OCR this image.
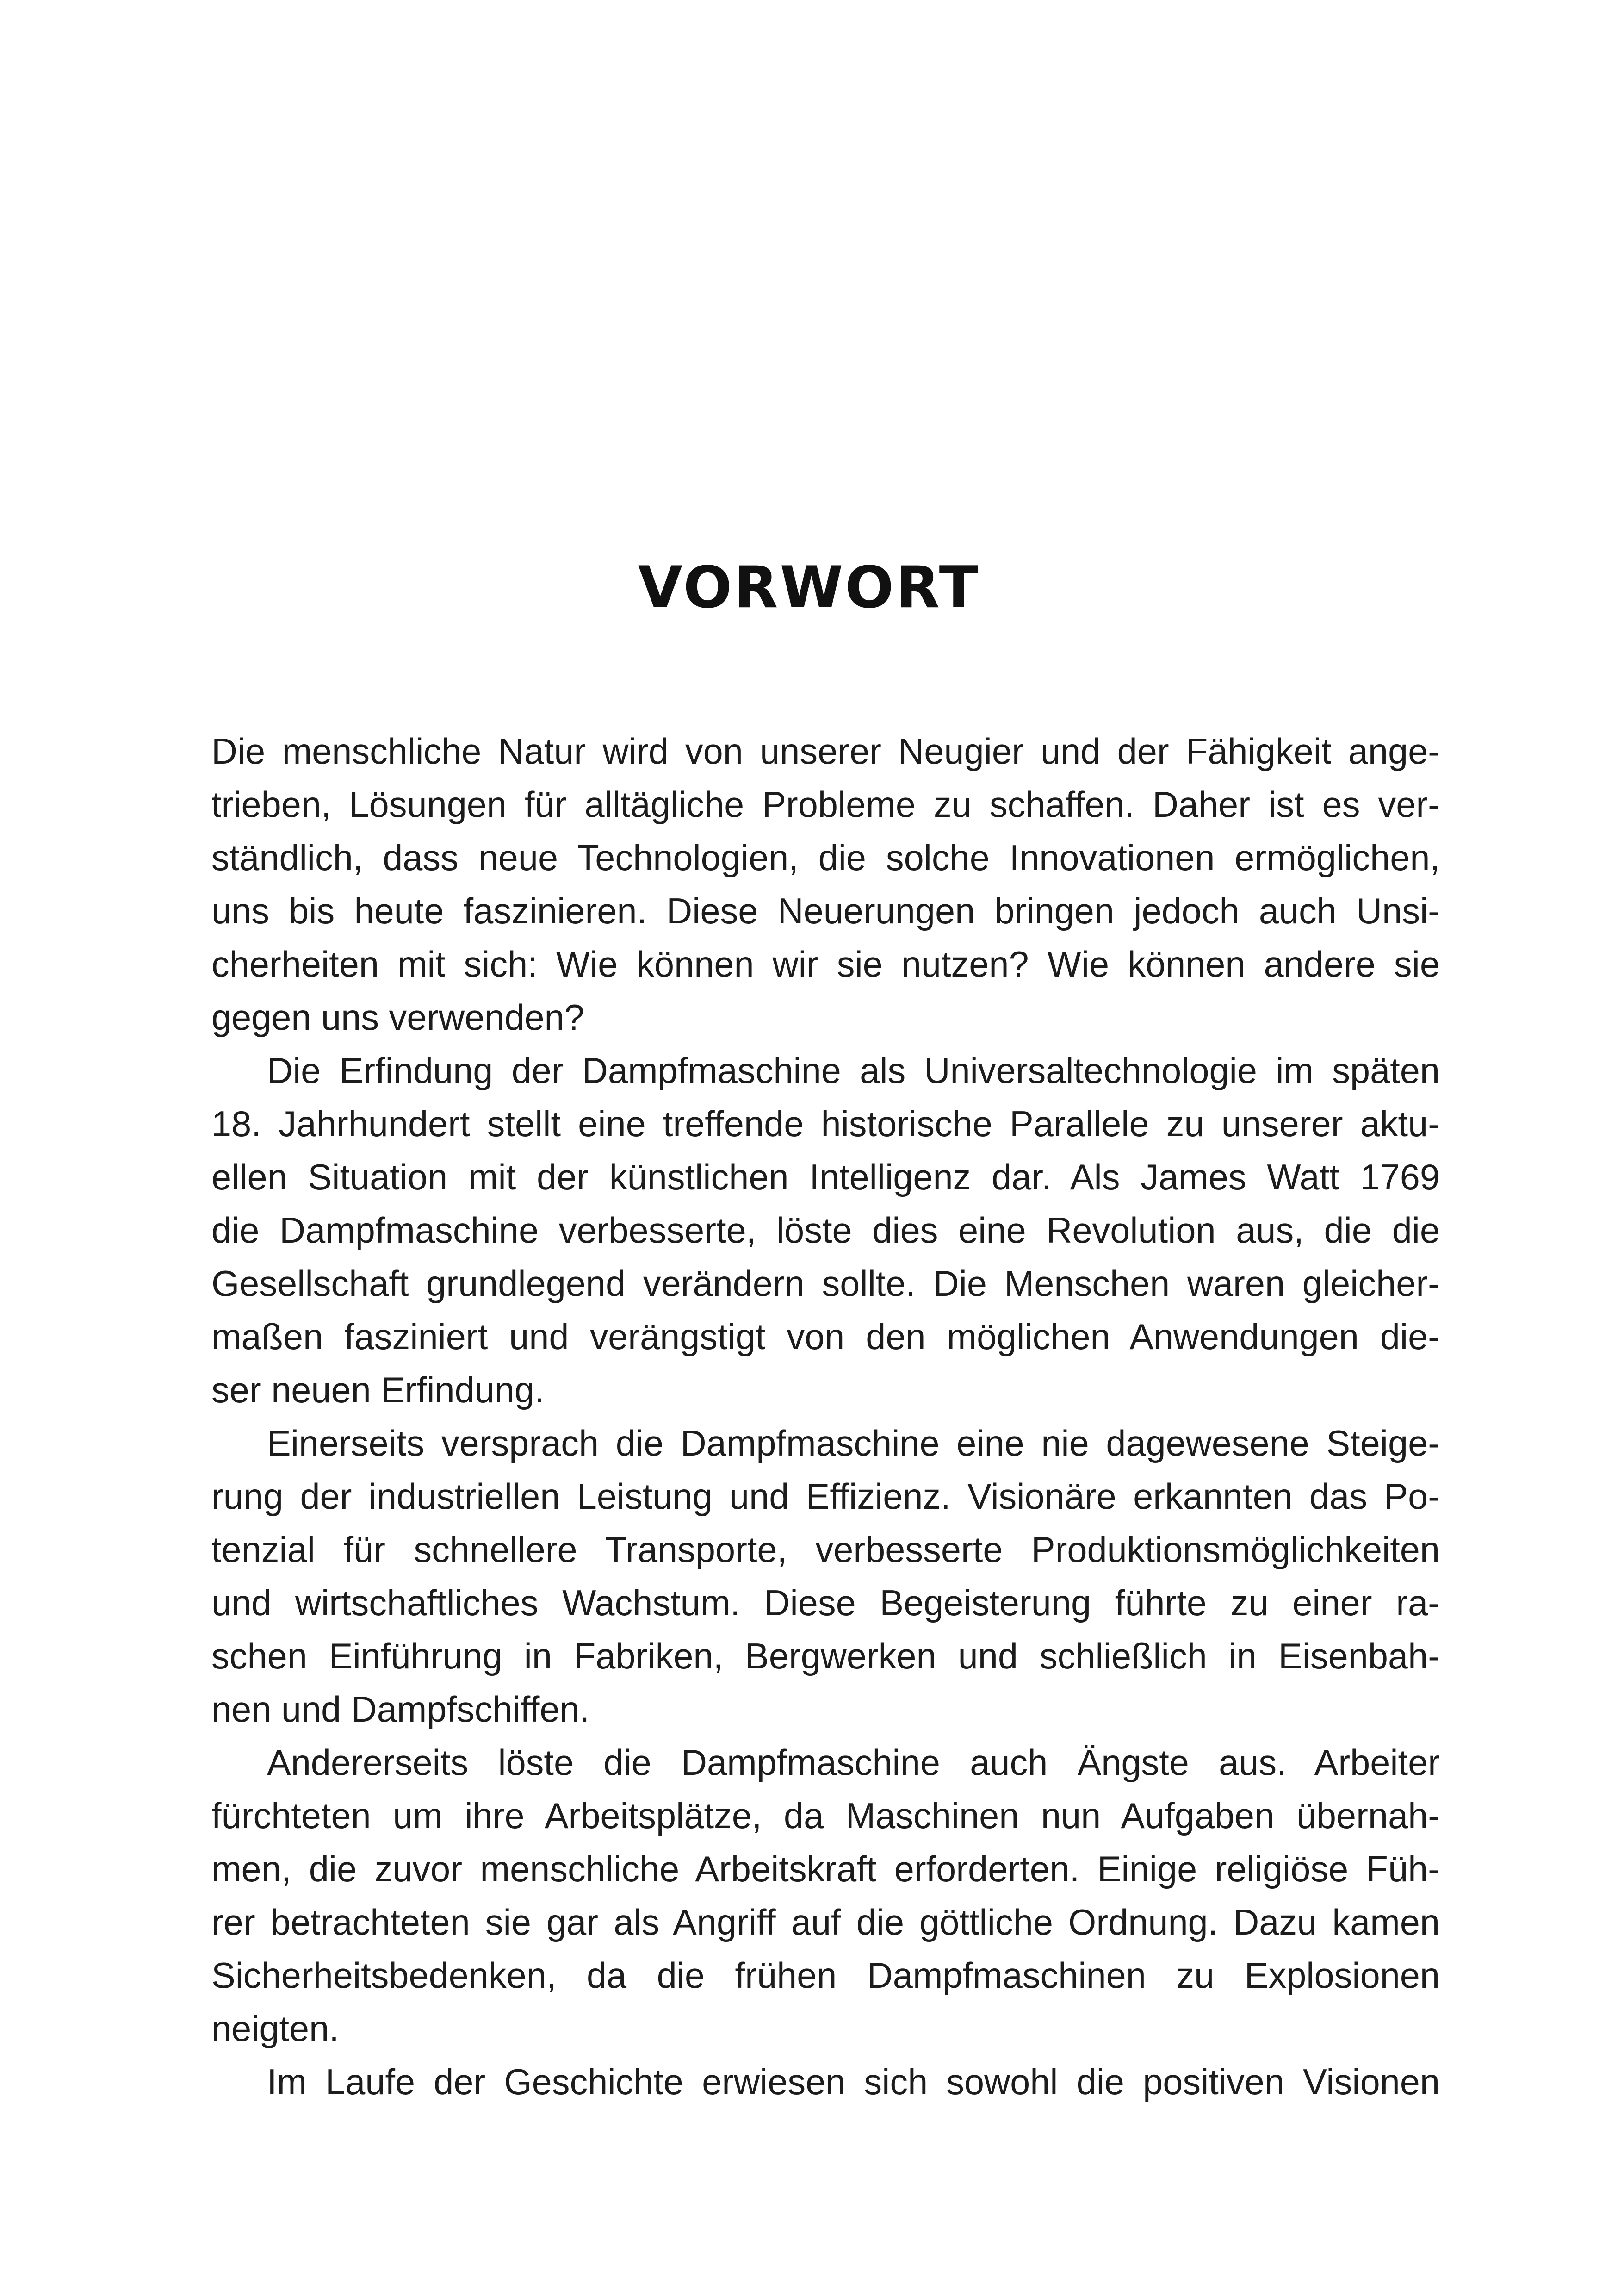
VORWORT
Die menschliche Natur wird von unserer Neugier und der Fähigkeit ange-
trieben, Lösungen für alltägliche Probleme zu schaffen. Daher ist es ver-
ständlich, dass neue Technologien, die solche Innovationen ermöglichen,
uns bis heute faszinieren. Diese Neuerungen bringen jedoch auch Unsi-
cherheiten mit sich: Wie können wir sie nutzen? Wie können andere sie
gegen uns verwenden?
Die Erfindung der Dampfmaschine als Universaltechnologie im späten
18. Jahrhundert stellt eine treffende historische Parallele zu unserer aktu-
ellen Situation mit der künstlichen Intelligenz dar. Als James Watt 1769
die Dampfmaschine verbesserte, löste dies eine Revolution aus, die die
Gesellschaft grundlegend verändern sollte. Die Menschen waren gleicher-
maßen fasziniert und verängstigt von den möglichen Anwendungen die-
ser neuen Erfindung.
Einerseits versprach die Dampfmaschine eine nie dagewesene Steige-
rung der industriellen Leistung und Effizienz. Visionäre erkannten das Po-
tenzial für schnellere Transporte, verbesserte Produktionsmöglichkeiten
und wirtschaftliches Wachstum. Diese Begeisterung führte zu einer ra-
schen Einführung in Fabriken, Bergwerken und schließlich in Eisenbah-
nen und Dampfschiffen.
Andererseits löste die Dampfmaschine auch Ängste aus. Arbeiter
fürchteten um ihre Arbeitsplätze, da Maschinen nun Aufgaben übernah-
men, die zuvor menschliche Arbeitskraft erforderten. Einige religiöse Füh-
rer betrachteten sie gar als Angriff auf die göttliche Ordnung. Dazu kamen
Sicherheitsbedenken, da die frühen Dampfmaschinen zu Explosionen
neigten.
Im Laufe der Geschichte erwiesen sich sowohl die positiven Visionen
